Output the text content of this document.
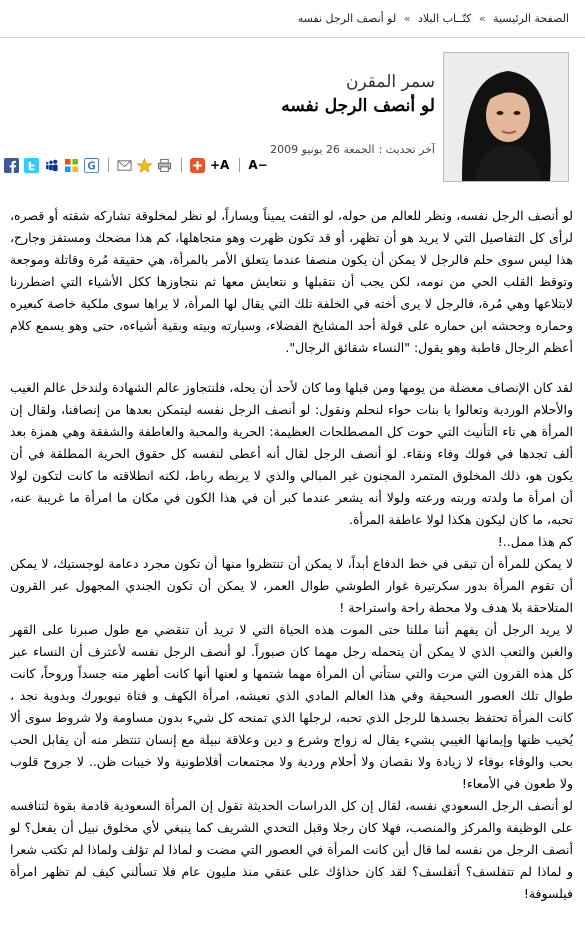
الصفحة الرئيسية » كتّــاب البلاد » لو أنصف الرجل نفسه
سمر المقرن
لو أنصف الرجل نفسه
آخر تحديث :الجمعة 26 يونيو 2009
G	+A A−

لو أنصف الرجل نفسه، ونظر للعالم من حوله، لو التفت يميناً ويساراً، لو نظر لمخلوقة تشاركه شقته أو قصره، لرأى كل التفاصيل التي لا يريد هو أن تظهر، أو قد تكون ظهرت وهو متجاهلها، كم هذا مضحك ومستفز وجارح، هذا ليس سوى حلم فالرجل لا يمكن أن يكون منصفا عندما يتعلق الأمر بالمرأة، هي حقيقة مُرة وقاتلة وموجعة وتوقظ القلب الحي من نومه، لكن يجب أن نتقبلها و نتعايش معها ثم نتجاوزها ككل الأشياء التي اضطررنا لابتلاعها وهي مُرة، فالرجل لا يرى أخته في الخلفة تلك التي يقال لها المرأة، لا يراها سوى ملكية خاصة كبعيره وحماره وجحشه ابن حماره على قولة أحد المشايخ الفضلاء، وسيارته وبيته وبقية أشياءه، حتى وهو يسمع كلام أعظم الرجال قاطبة وهو يقول: "النساء شقائق الرجال".

لقد كان الإنصاف معضلة من يومها ومن قبلها وما كان لأحد أن يحله، فلنتجاوز عالم الشهادة ولندخل عالم الغيب والأحلام الوردية وتعالوا يا بنات حواء لنحلم ونقول: لو أنصف الرجل نفسه ليتمكن بعدها من إنصافنا، ولقال إن المرأة هي تاء التأنيث التي حوت كل المصطلحات العظيمة: الحرية والمحبة والعاطفة والشفقة وهي همزة بعد ألف تجدها في فولك وفاء ونقاء. لو أنصف الرجل لقال أنه أعطى لنفسه كل حقوق الحرية المطلقة في أن يكون هو، ذلك المخلوق المتمرد المجنون غير المبالي والذي لا يربطه رباط، لكنه انطلاقته ما كانت لتكون لولا أن امرأة ما ولدته وربته ورعته ولولا أنه يشعر عندما كبر أن في هذا الكون في مكان ما امرأة ما غريبة عنه، تحبه، ما كان ليكون هكذا لولا عاطفة المرأة.

كم هذا ممل..!

لا يمكن للمرأة أن تبقى في خط الدفاع أبداً، لا يمكن أن تنتظروا منها أن تكون مجرد دعامة لوجستيك، لا يمكن أن تقوم المرأة بدور سكرتيرة غوار الطوشي طوال العمر، لا يمكن أن تكون الجندي المجهول عبر القرون المتلاحقة بلا هدف ولا محطة راحة واستراحة !

لا يريد الرجل أن يفهم أننا مللنا حتى الموت هذه الحياة التي لا تريد أن تنقضي مع طول صبرنا على القهر والغبن والتعب الذي لا يمكن أن يتحمله رجل مهما كان صبوراً. لو أنصف الرجل نفسه لأعترف أن النساء عبر كل هذه القرون التي مرت والتي ستأتي أن المرأة مهما شتمها و لعنها أنها كانت أطهر منه جسداً وروحاً، كانت طوال تلك العصور السحيقة وفي هذا العالم المادي الذي نعيشه، امرأة الكهف و فتاة نيويورك وبدوية نجد ، كانت المرأة تحتفظ بجسدها للرجل الذي تحبه، لرجلها الذي تمنحه كل شيء بدون مساومة ولا شروط سوى ألا يُخيب ظنها وإيمانها الغيبي بشيء يقال له زواج وشرع و دين وعلاقة نبيلة مع إنسان تنتظر منه أن يقابل الحب بحب والوفاء بوفاء لا زيادة ولا نقصان ولا أحلام وردية ولا مجتمعات أفلاطونية ولا خيبات ظن.. لا جروح قلوب ولا طعون في الأمعاء!

لو أنصف الرجل السعودي نفسه، لقال إن كل الدراسات الحديثة تقول إن المرأة السعودية قادمة بقوة لتنافسه على الوظيفة والمركز والمنصب، فهلا كان رجلا وقبل التحدي الشريف كما ينبغي لأي مخلوق نبيل أن يفعل؟ لو أنصف الرجل من نفسه لما قال أين كانت المرأة في العصور التي مضت و لماذا لم تؤلف ولماذا لم تكتب شعرا و لماذا لم تتفلسف؟ أتفلسف؟ لقد كان حذاؤك على عنقي منذ مليون عام فلا تسألني كيف لم تظهر امرأة فيلسوفة!
